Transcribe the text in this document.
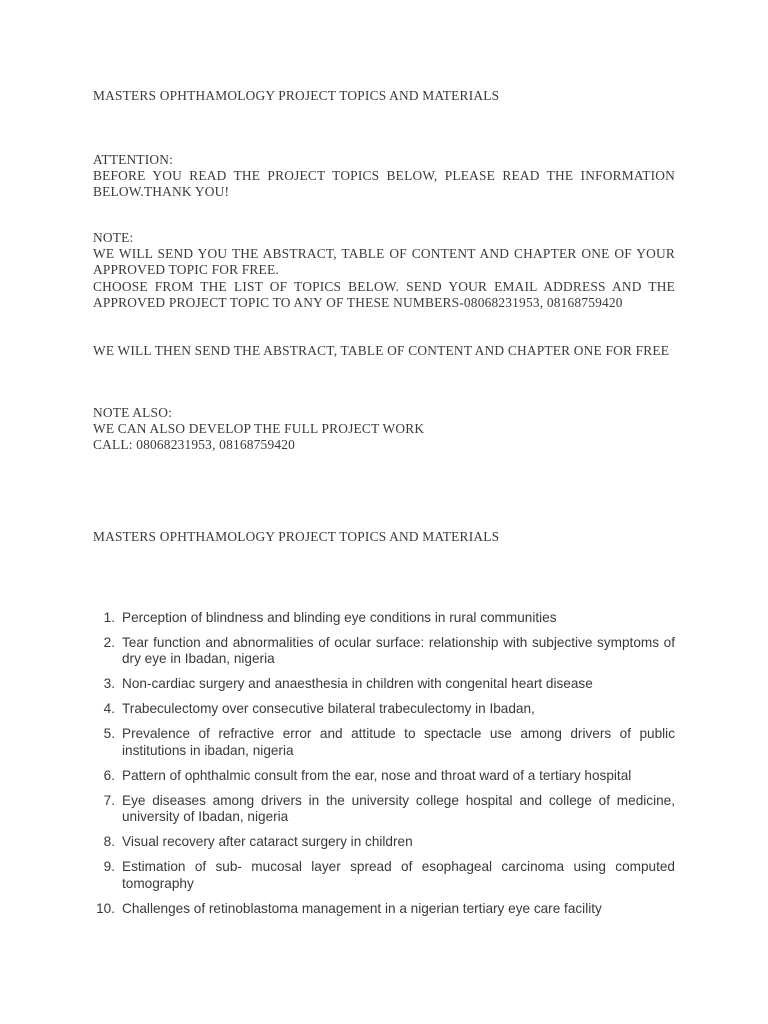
MASTERS OPHTHAMOLOGY PROJECT TOPICS AND MATERIALS

ATTENTION:
BEFORE YOU READ THE PROJECT TOPICS BELOW, PLEASE READ THE INFORMATION BELOW.THANK YOU!
NOTE:
WE WILL SEND YOU THE ABSTRACT, TABLE OF CONTENT AND CHAPTER ONE OF YOUR APPROVED TOPIC FOR FREE.
CHOOSE FROM THE LIST OF TOPICS BELOW. SEND YOUR EMAIL ADDRESS AND THE APPROVED PROJECT TOPIC TO ANY OF THESE NUMBERS-08068231953, 08168759420

WE WILL THEN SEND THE ABSTRACT, TABLE OF CONTENT AND CHAPTER ONE FOR FREE

NOTE ALSO:
WE CAN ALSO DEVELOP THE FULL PROJECT WORK
CALL: 08068231953, 08168759420

MASTERS OPHTHAMOLOGY PROJECT TOPICS AND MATERIALS

1. Perception of blindness and blinding eye conditions in rural communities
2. Tear function and abnormalities of ocular surface: relationship with subjective symptoms of dry eye in Ibadan, nigeria
3. Non-cardiac surgery and anaesthesia in children with congenital heart disease
4. Trabeculectomy over consecutive bilateral trabeculectomy in Ibadan,
5. Prevalence of refractive error and attitude to spectacle use among drivers of public institutions in ibadan, nigeria
6. Pattern of ophthalmic consult from the ear, nose and throat ward of a tertiary hospital
7. Eye diseases among drivers in the university college hospital and college of medicine, university of Ibadan, nigeria
8. Visual recovery after cataract surgery in children
9. Estimation of sub- mucosal layer spread of esophageal carcinoma using computed tomography
10. Challenges of retinoblastoma management in a nigerian tertiary eye care facility
